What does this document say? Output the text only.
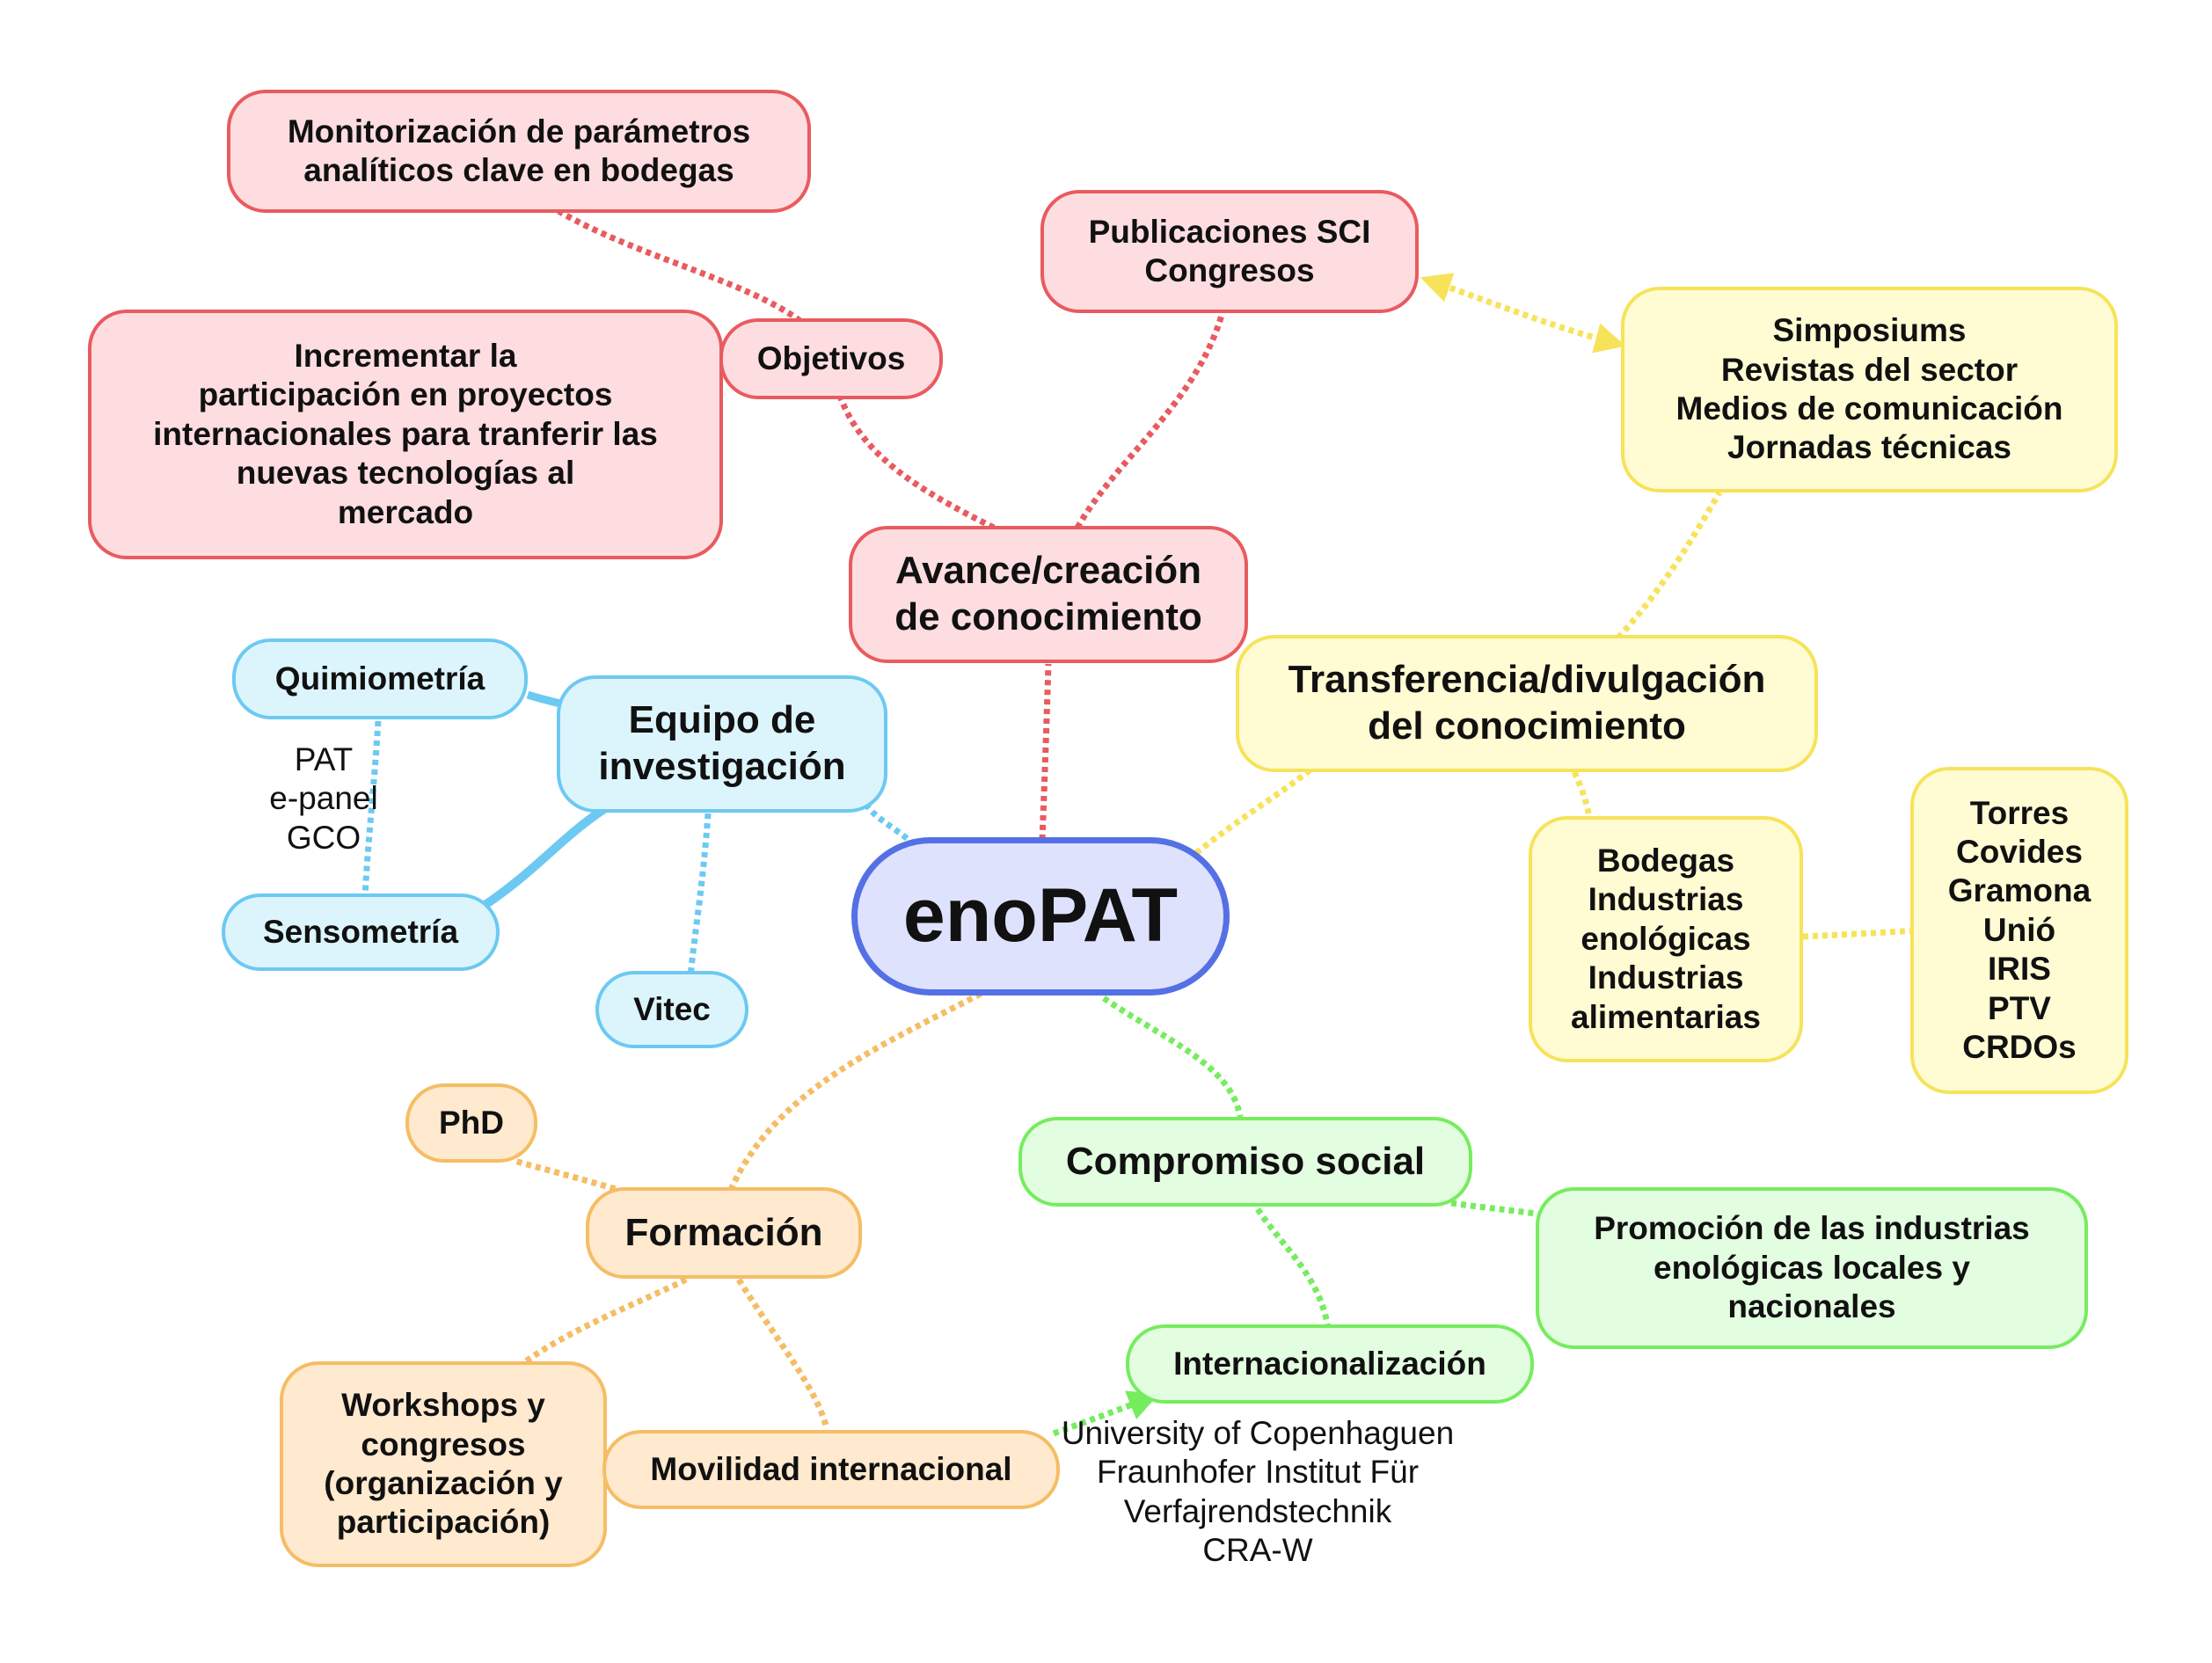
enoPAT
Avance/creación
de conocimiento
Objetivos
Monitorización de parámetros
analíticos clave en bodegas
Incrementar la
participación en proyectos
internacionales para tranferir las
nuevas tecnologías al
mercado
Publicaciones SCI
Congresos
Transferencia/divulgación
del conocimiento
Simposiums
Revistas del sector
Medios de comunicación
Jornadas técnicas
Bodegas
Industrias
enológicas
Industrias
alimentarias
Torres
Covides
Gramona
Unió
IRIS
PTV
CRDOs
Equipo de
investigación
Quimiometría
Sensometría
Vitec
PAT
e-panel
GCO
Formación
PhD
Workshops y
congresos
(organización y
participación)
Movilidad internacional
Compromiso social
Promoción de las industrias
enológicas locales y
nacionales
Internacionalización
University of Copenhaguen
Fraunhofer Institut Für
Verfajrendstechnik
CRA-W
